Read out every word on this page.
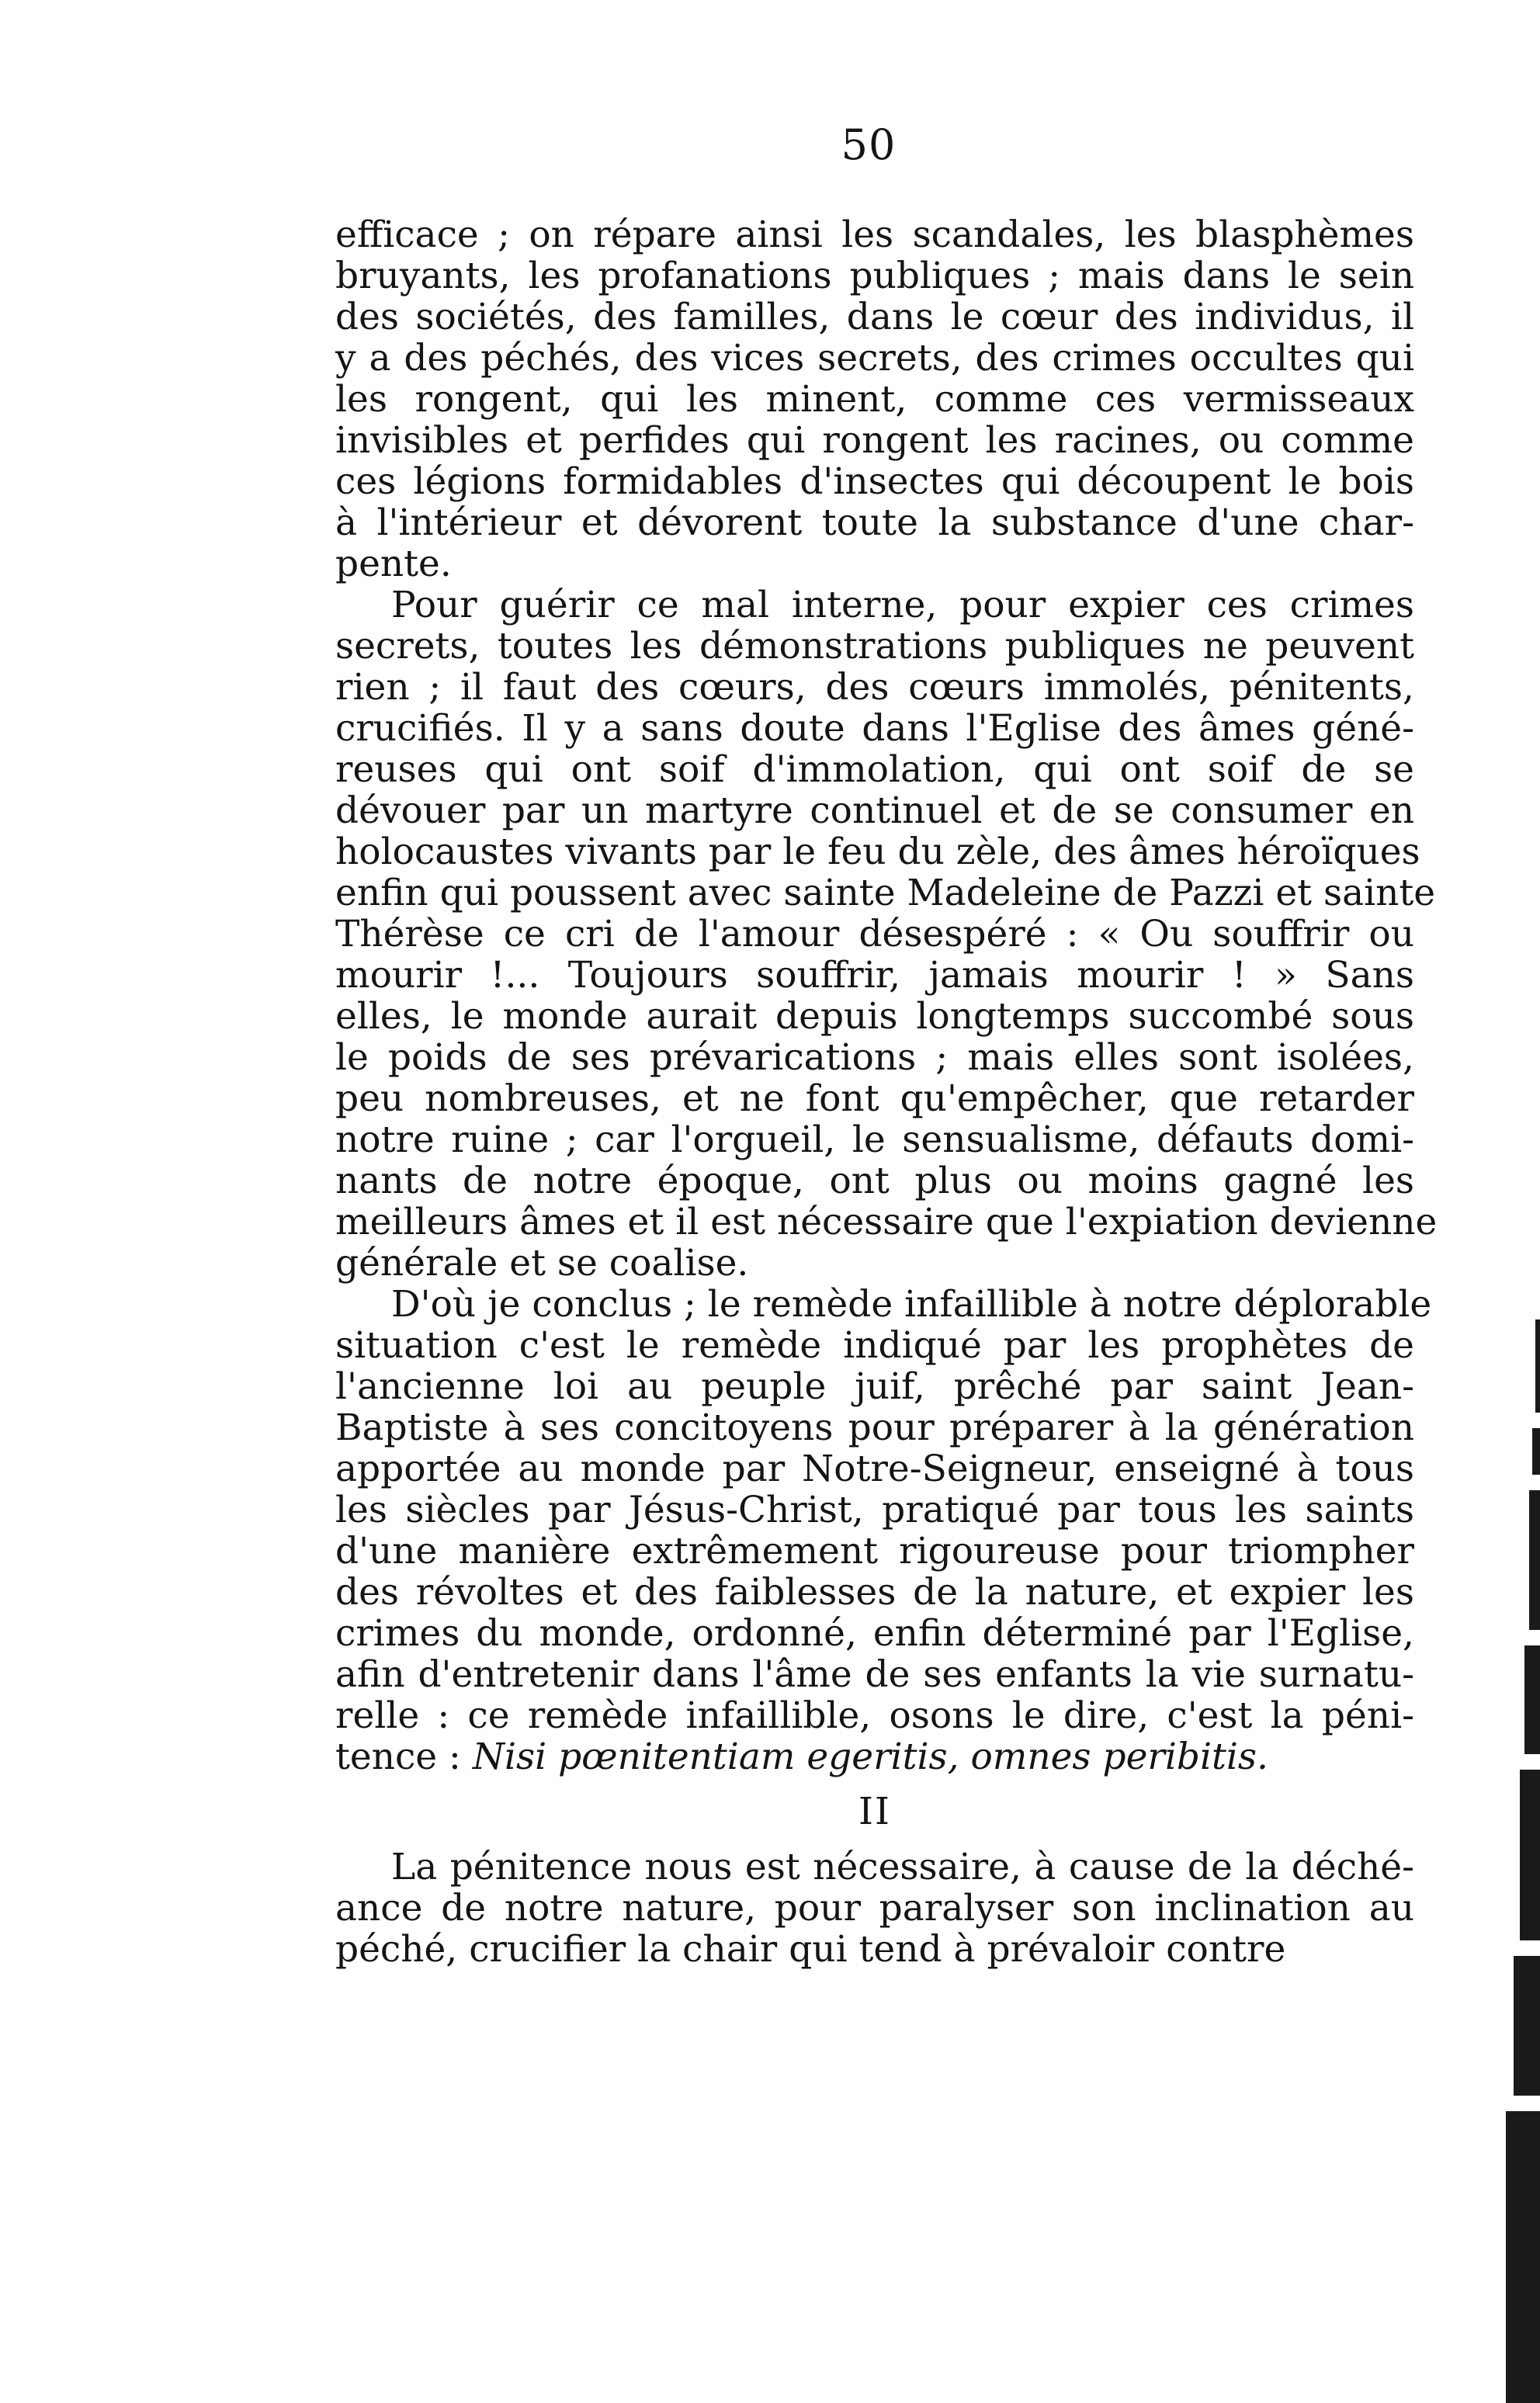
50
efficace ; on répare ainsi les scandales, les blasphèmes
bruyants, les profanations publiques ; mais dans le sein
des sociétés, des familles, dans le cœur des individus, il
y a des péchés, des vices secrets, des crimes occultes qui
les rongent, qui les minent, comme ces vermisseaux
invisibles et perfides qui rongent les racines, ou comme
ces légions formidables d'insectes qui découpent le bois
à l'intérieur et dévorent toute la substance d'une char-
pente.
Pour guérir ce mal interne, pour expier ces crimes
secrets, toutes les démonstrations publiques ne peuvent
rien ; il faut des cœurs, des cœurs immolés, pénitents,
crucifiés. Il y a sans doute dans l'Eglise des âmes géné-
reuses qui ont soif d'immolation, qui ont soif de se
dévouer par un martyre continuel et de se consumer en
holocaustes vivants par le feu du zèle, des âmes héroïques
enfin qui poussent avec sainte Madeleine de Pazzi et sainte
Thérèse ce cri de l'amour désespéré : « Ou souffrir ou
mourir !... Toujours souffrir, jamais mourir ! » Sans
elles, le monde aurait depuis longtemps succombé sous
le poids de ses prévarications ; mais elles sont isolées,
peu nombreuses, et ne font qu'empêcher, que retarder
notre ruine ; car l'orgueil, le sensualisme, défauts domi-
nants de notre époque, ont plus ou moins gagné les
meilleurs âmes et il est nécessaire que l'expiation devienne
générale et se coalise.
D'où je conclus ; le remède infaillible à notre déplorable
situation c'est le remède indiqué par les prophètes de
l'ancienne loi au peuple juif, prêché par saint Jean-
Baptiste à ses concitoyens pour préparer à la génération
apportée au monde par Notre-Seigneur, enseigné à tous
les siècles par Jésus-Christ, pratiqué par tous les saints
d'une manière extrêmement rigoureuse pour triompher
des révoltes et des faiblesses de la nature, et expier les
crimes du monde, ordonné, enfin déterminé par l'Eglise,
afin d'entretenir dans l'âme de ses enfants la vie surnatu-
relle : ce remède infaillible, osons le dire, c'est la péni-
tence : Nisi pœnitentiam egeritis, omnes peribitis.
II
La pénitence nous est nécessaire, à cause de la déché-
ance de notre nature, pour paralyser son inclination au
péché, crucifier la chair qui tend à prévaloir contre
